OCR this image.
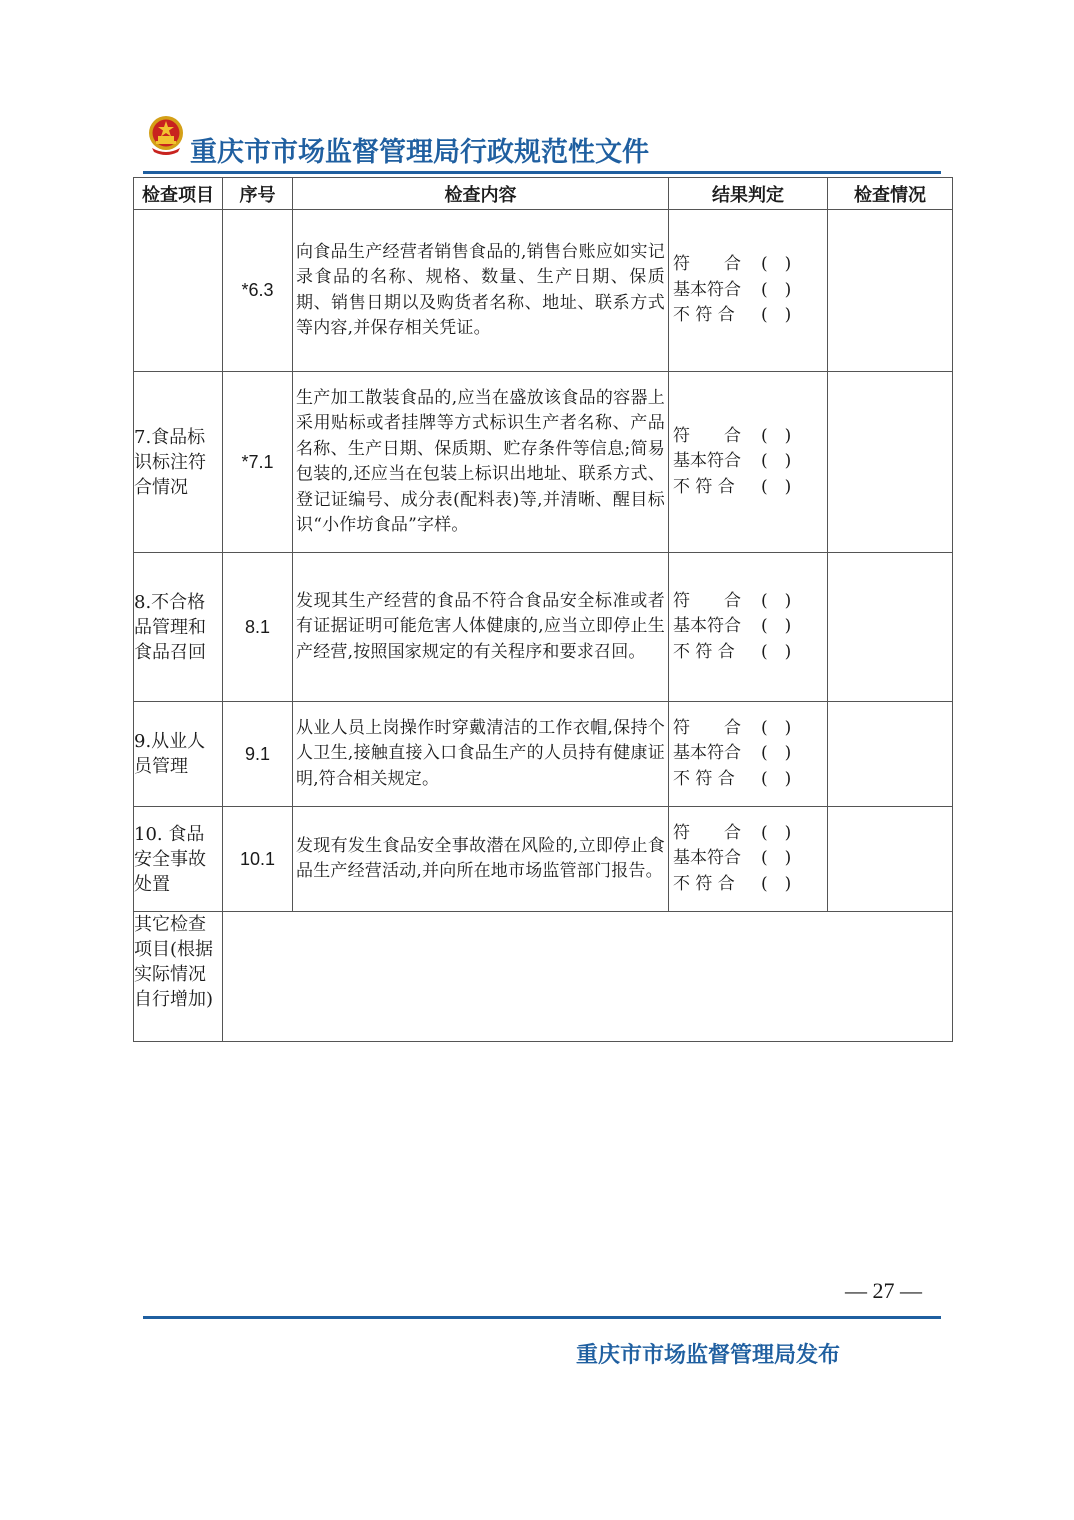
重庆市市场监督管理局行政规范性文件
检查项目	序号	检查内容	结果判定	检查情况
	*6.3	向食品生产经营者销售食品的,销售台账应如实记录食品的名称、规格、数量、生产日期、保质期、销售日期以及购货者名称、地址、联系方式等内容,并保存相关凭证。	符　　合 (　)
基本符合 (　)
不 符 合 (　)	

7.食品标识标注符合情况	*7.1	生产加工散装食品的,应当在盛放该食品的容器上采用贴标或者挂牌等方式标识生产者名称、产品名称、生产日期、保质期、贮存条件等信息;简易包装的,还应当在包装上标识出地址、联系方式、登记证编号、成分表(配料表)等,并清晰、醒目标识“小作坊食品”字样。	符　　合 (　)
基本符合 (　)
不 符 合 (　)	

8.不合格品管理和食品召回	8.1	发现其生产经营的食品不符合食品安全标准或者有证据证明可能危害人体健康的,应当立即停止生产经营,按照国家规定的有关程序和要求召回。	符　　合 (　)
基本符合 (　)
不 符 合 (　)	

9.从业人员管理	9.1	从业人员上岗操作时穿戴清洁的工作衣帽,保持个人卫生,接触直接入口食品生产的人员持有健康证明,符合相关规定。	符　　合 (　)
基本符合 (　)
不 符 合 (　)	

10. 食品安全事故处置	10.1	发现有发生食品安全事故潜在风险的,立即停止食品生产经营活动,并向所在地市场监管部门报告。	符　　合 (　)
基本符合 (　)
不 符 合 (　)	

其它检查项目(根据实际情况自行增加)				
— 27 —
重庆市市场监督管理局发布
